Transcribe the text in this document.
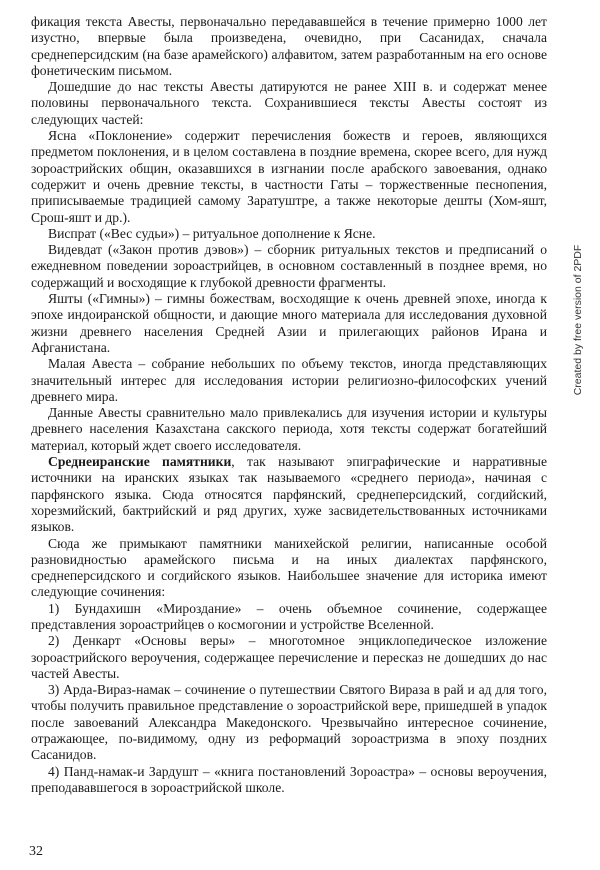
фикация текста Авесты, первоначально передававшейся в течение примерно 1000 лет изустно, впервые была произведена, очевидно, при Сасанидах, сначала среднеперсидским (на базе арамейского) алфавитом, затем разработанным на его основе фонетическим письмом.

Дошедшие до нас тексты Авесты датируются не ранее XIII в. и содержат менее половины первоначального текста. Сохранившиеся тексты Авесты состоят из следующих частей:

Ясна «Поклонение» содержит перечисления божеств и героев, являющихся предметом поклонения, и в целом составлена в поздние времена, скорее всего, для нужд зороастрийских общин, оказавшихся в изгнании после арабского завоевания, однако содержит и очень древние тексты, в частности Гаты – торжественные песнопения, приписываемые традицией самому Заратуштре, а также некоторые дешты (Хом-яшт, Срош-яшт и др.).

Виспрат («Вес судьи») – ритуальное дополнение к Ясне.

Видевдат («Закон против дэвов») – сборник ритуальных текстов и предписаний о ежедневном поведении зороастрийцев, в основном составленный в позднее время, но содержащий и восходящие к глубокой древности фрагменты.

Яшты («Гимны») – гимны божествам, восходящие к очень древней эпохе, иногда к эпохе индоиранской общности, и дающие много материала для исследования духовной жизни древнего населения Средней Азии и прилегающих районов Ирана и Афганистана.

Малая Авеста – собрание небольших по объему текстов, иногда представляющих значительный интерес для исследования истории религиозно-философских учений древнего мира.

Данные Авесты сравнительно мало привлекались для изучения истории и культуры древнего населения Казахстана сакского периода, хотя тексты содержат богатейший материал, который ждет своего исследователя.

Среднеиранские памятники, так называют эпиграфические и нарративные источники на иранских языках так называемого «среднего периода», начиная с парфянского языка. Сюда относятся парфянский, среднеперсидский, согдийский, хорезмийский, бактрийский и ряд других, хуже засвидетельствованных источниками языков.

Сюда же примыкают памятники манихейской религии, написанные особой разновидностью арамейского письма и на иных диалектах парфянского, среднеперсидского и согдийского языков. Наибольшее значение для историка имеют следующие сочинения:

1) Бундахишн «Мироздание» – очень объемное сочинение, содержащее представления зороастрийцев о космогонии и устройстве Вселенной.

2) Денкарт «Основы веры» – многотомное энциклопедическое изложение зороастрийского вероучения, содержащее перечисление и пересказ не дошедших до нас частей Авесты.

3) Арда-Вираз-намак – сочинение о путешествии Святого Вираза в рай и ад для того, чтобы получить правильное представление о зороастрийской вере, пришедшей в упадок после завоеваний Александра Македонского. Чрезвычайно интересное сочинение, отражающее, по-видимому, одну из реформаций зороастризма в эпоху поздних Сасанидов.

4) Панд-намак-и Зардушт – «книга постановлений Зороастра» – основы вероучения, преподававшегося в зороастрийской школе.

32
Created by free version of 2PDF
